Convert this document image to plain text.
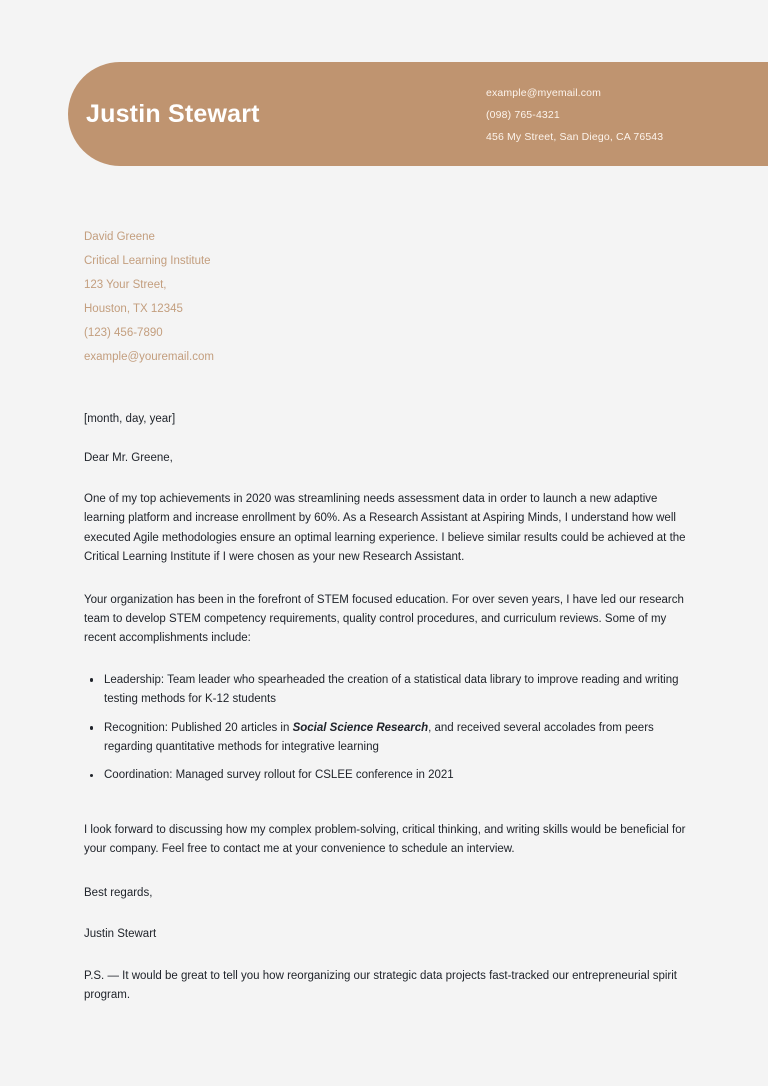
Justin Stewart
example@myemail.com
(098) 765-4321
456 My Street, San Diego, CA 76543
David Greene
Critical Learning Institute
123 Your Street,
Houston, TX 12345
(123) 456-7890
example@youremail.com
[month, day, year]
Dear Mr. Greene,

One of my top achievements in 2020 was streamlining needs assessment data in order to launch a new adaptive learning platform and increase enrollment by 60%. As a Research Assistant at Aspiring Minds, I understand how well executed Agile methodologies ensure an optimal learning experience. I believe similar results could be achieved at the Critical Learning Institute if I were chosen as your new Research Assistant.

Your organization has been in the forefront of STEM focused education. For over seven years, I have led our research team to develop STEM competency requirements, quality control procedures, and curriculum reviews. Some of my recent accomplishments include:

Leadership: Team leader who spearheaded the creation of a statistical data library to improve reading and writing testing methods for K-12 students
Recognition: Published 20 articles in Social Science Research, and received several accolades from peers regarding quantitative methods for integrative learning
Coordination: Managed survey rollout for CSLEE conference in 2021

I look forward to discussing how my complex problem-solving, critical thinking, and writing skills would be beneficial for your company. Feel free to contact me at your convenience to schedule an interview.

Best regards,
Justin Stewart

P.S. — It would be great to tell you how reorganizing our strategic data projects fast-tracked our entrepreneurial spirit program.
